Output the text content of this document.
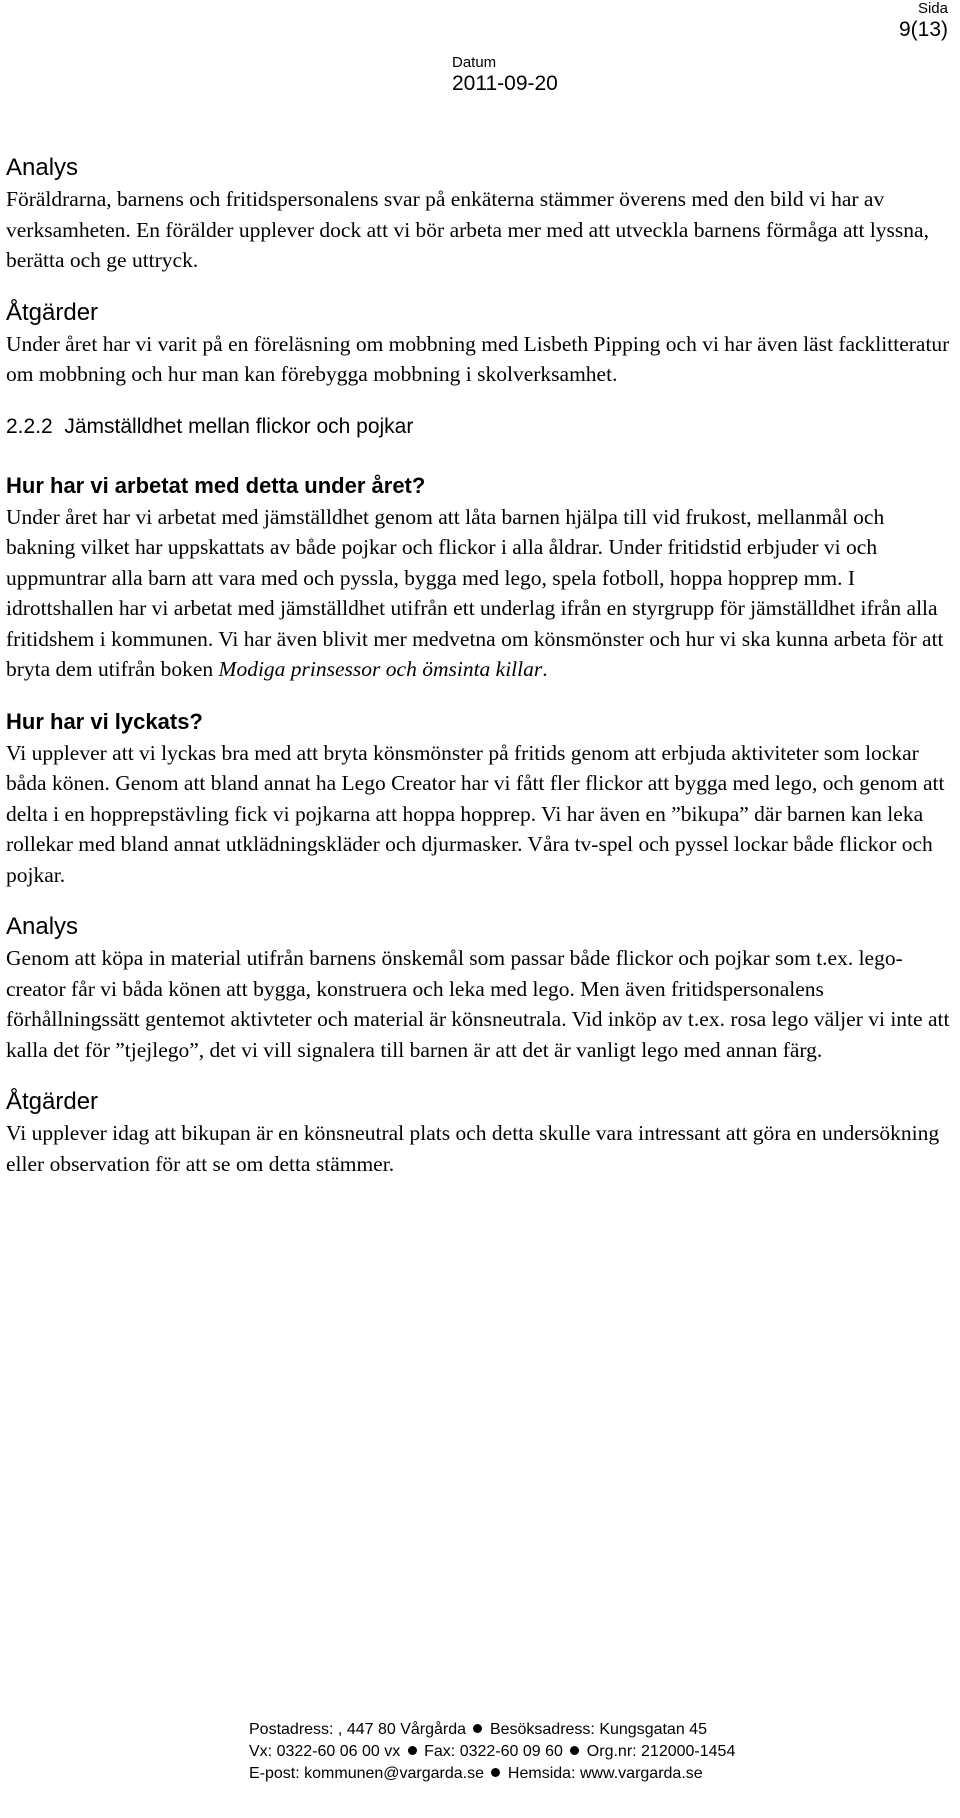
Sida
9(13)
Datum
2011-09-20
Analys

Föräldrarna, barnens och fritidspersonalens svar på enkäterna stämmer överens med den bild vi har av verksamheten. En förälder upplever dock att vi bör arbeta mer med att utveckla barnens förmåga att lyssna, berätta och ge uttryck.

Åtgärder

Under året har vi varit på en föreläsning om mobbning med Lisbeth Pipping och vi har även läst facklitteratur om mobbning och hur man kan förebygga mobbning i skolverksamhet.

2.2.2  Jämställdhet mellan flickor och pojkar
Hur har vi arbetat med detta under året?

Under året har vi arbetat med jämställdhet genom att låta barnen hjälpa till vid frukost, mellanmål och bakning vilket har uppskattats av både pojkar och flickor i alla åldrar. Under fritidstid erbjuder vi och uppmuntrar alla barn att vara med och pyssla, bygga med lego, spela fotboll, hoppa hopprep mm. I idrottshallen har vi arbetat med jämställdhet utifrån ett underlag ifrån en styrgrupp för jämställdhet ifrån alla fritidshem i kommunen. Vi har även blivit mer medvetna om könsmönster och hur vi ska kunna arbeta för att bryta dem utifrån boken Modiga prinsessor och ömsinta killar.

Hur har vi lyckats?

Vi upplever att vi lyckas bra med att bryta könsmönster på fritids genom att erbjuda aktiviteter som lockar båda könen. Genom att bland annat ha Lego Creator har vi fått fler flickor att bygga med lego, och genom att delta i en hopprepstävling fick vi pojkarna att hoppa hopprep. Vi har även en ”bikupa” där barnen kan leka rollekar med bland annat utklädningskläder och djurmasker. Våra tv-spel och pyssel lockar både flickor och pojkar.

Analys

Genom att köpa in material utifrån barnens önskemål som passar både flickor och pojkar som t.ex. lego-creator får vi båda könen att bygga, konstruera och leka med lego. Men även fritidspersonalens förhållningssätt gentemot aktivteter och material är könsneutrala. Vid inköp av t.ex. rosa lego väljer vi inte att kalla det för ”tjejlego”, det vi vill signalera till barnen är att det är vanligt lego med annan färg.

Åtgärder

Vi upplever idag att bikupan är en könsneutral plats och detta skulle vara intressant att göra en undersökning eller observation för att se om detta stämmer.

Postadress: , 447 80 Vårgårda Besöksadress: Kungsgatan 45
Vx: 0322-60 06 00 vx Fax: 0322-60 09 60 Org.nr: 212000-1454
E-post: kommunen@vargarda.se Hemsida: www.vargarda.se
